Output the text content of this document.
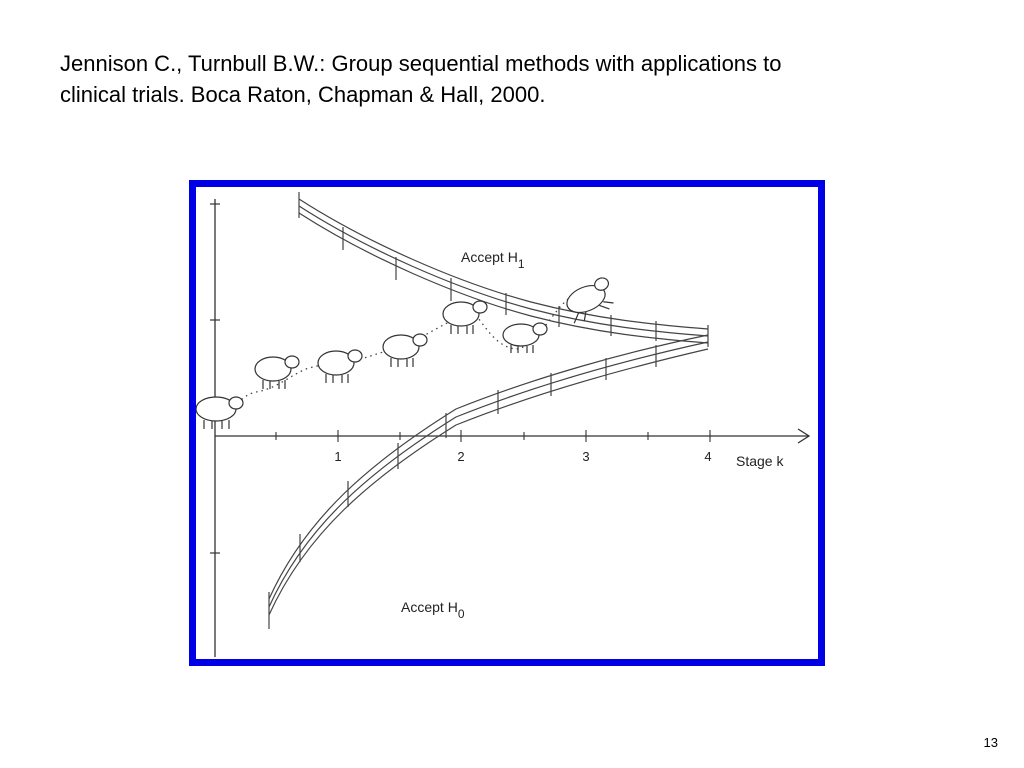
Jennison C., Turnbull B.W.: Group sequential methods with applications to
clinical trials. Boca Raton, Chapman & Hall, 2000.
1	2	3	4 Stage k
Accept H1
Accept H0
13
